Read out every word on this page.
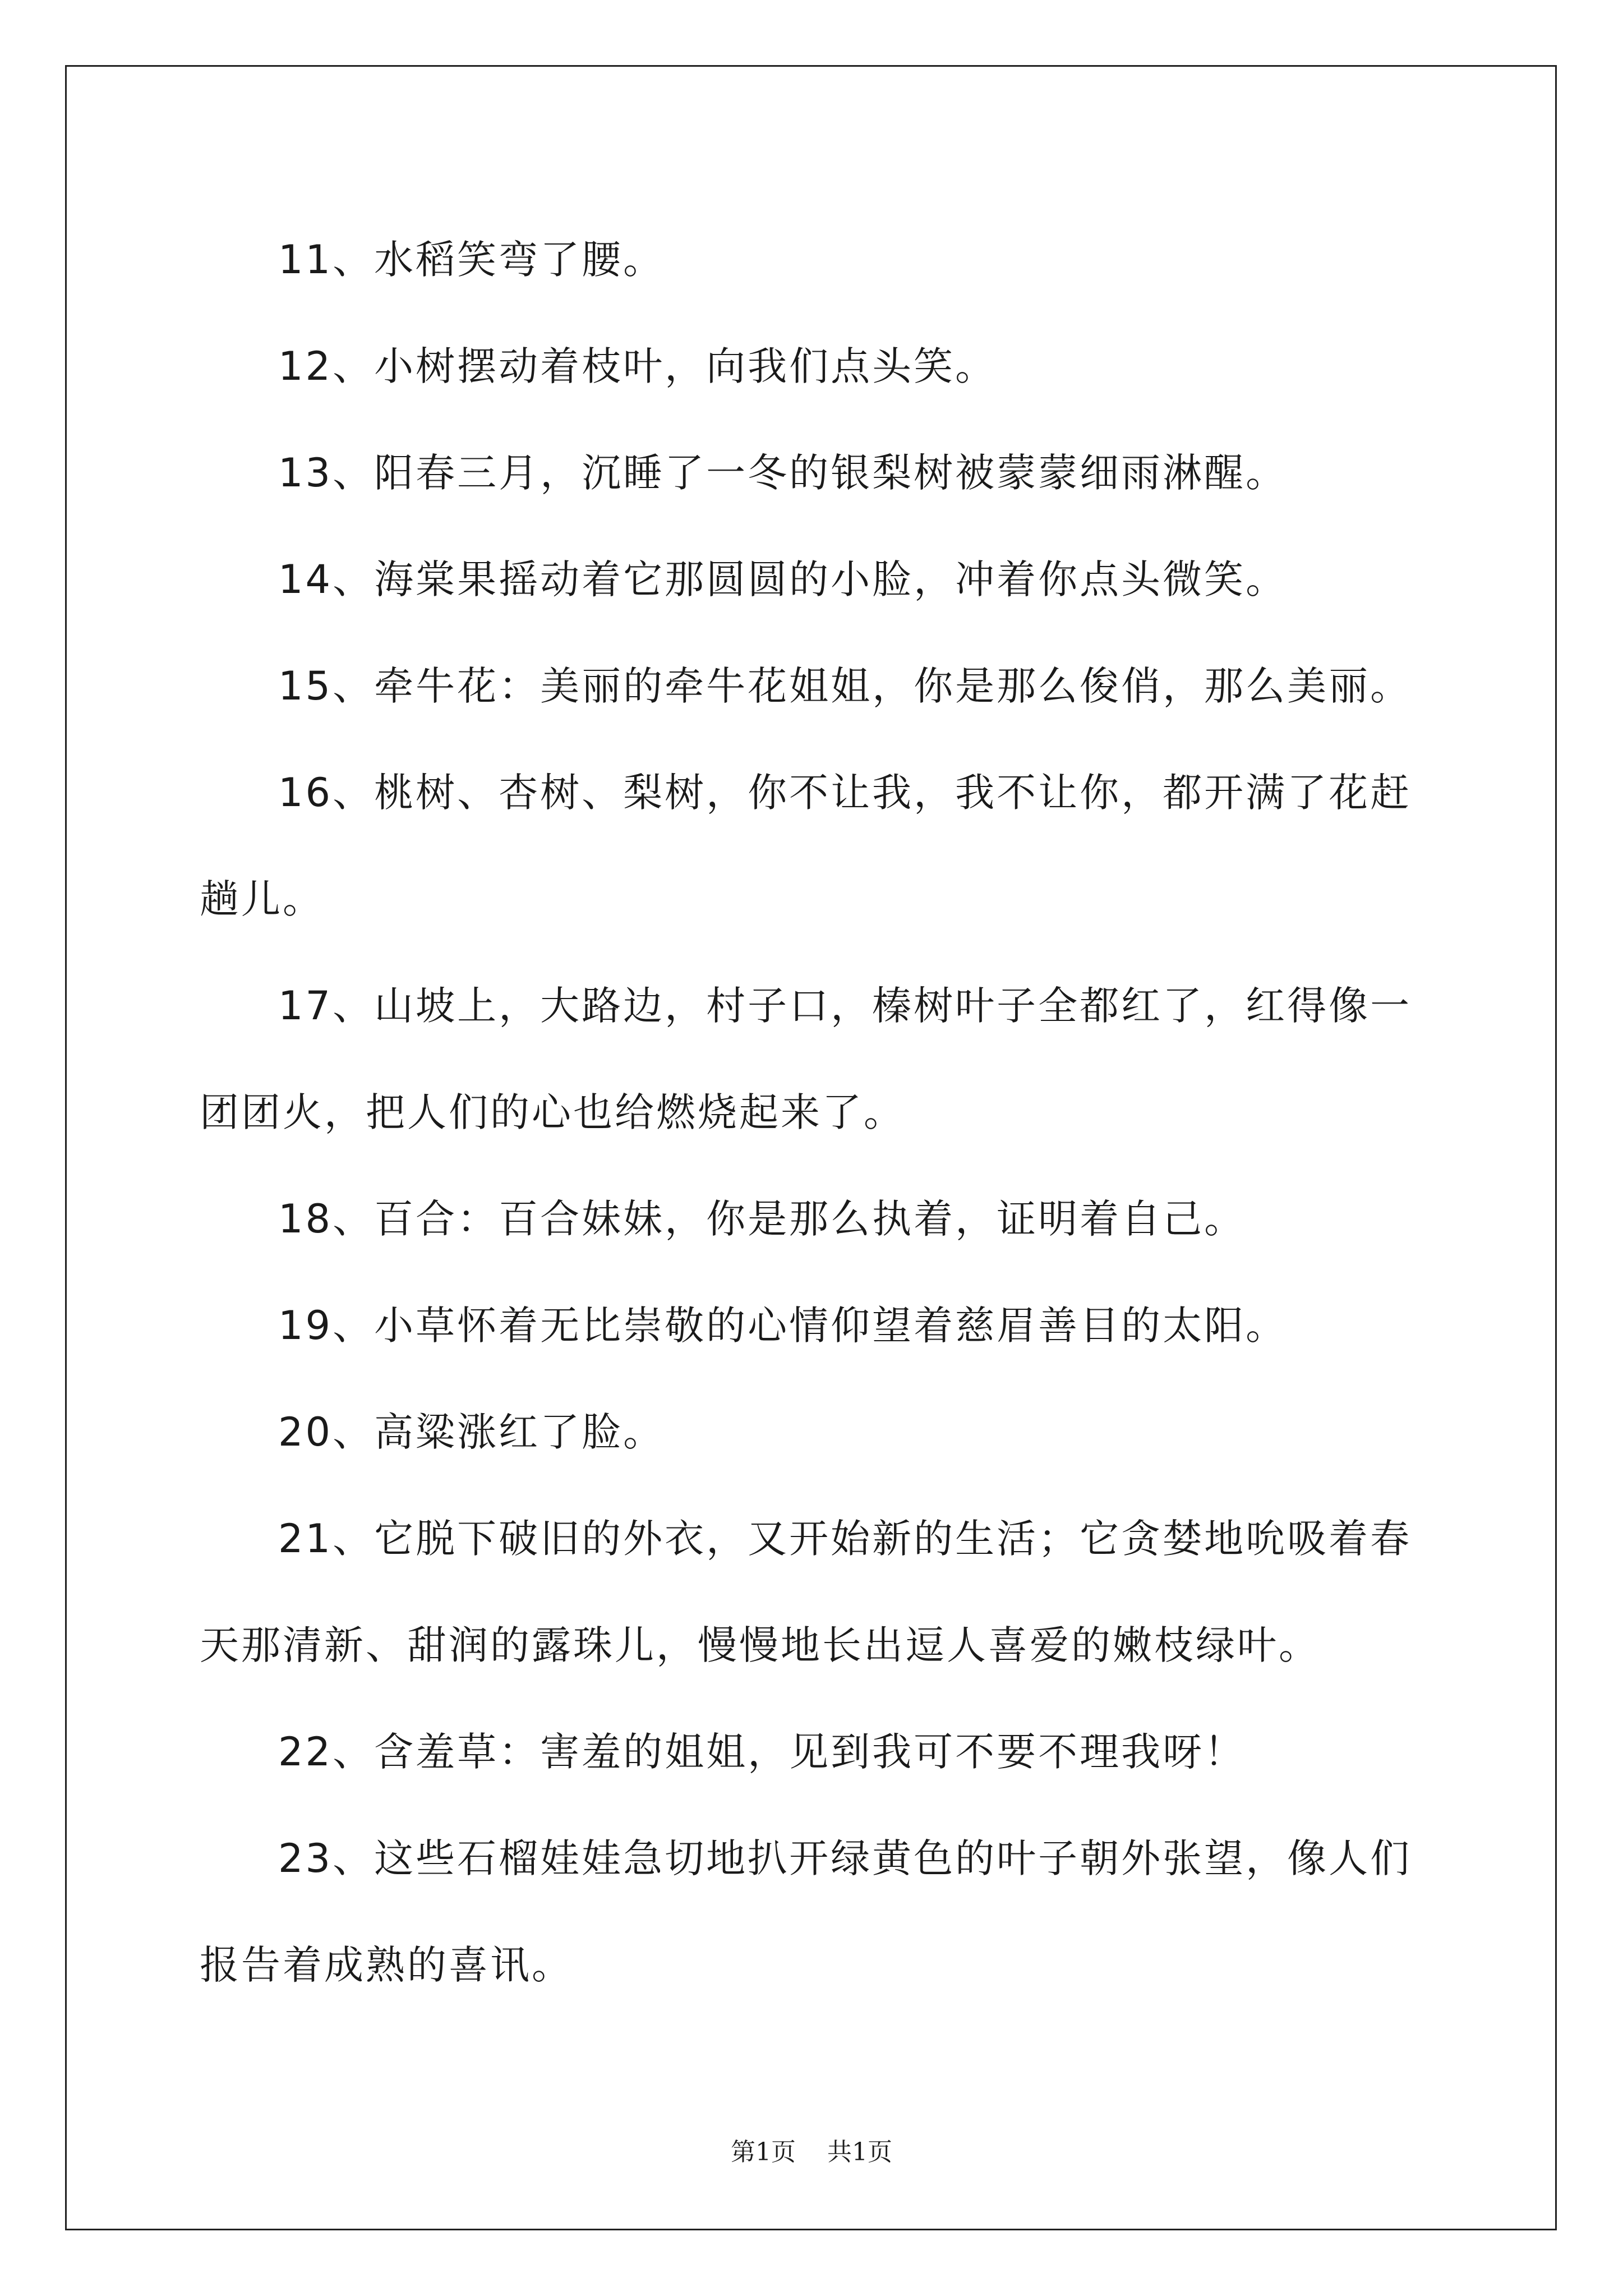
11、水稻笑弯了腰。

12、小树摆动着枝叶，向我们点头笑。

13、阳春三月，沉睡了一冬的银梨树被蒙蒙细雨淋醒。

14、海棠果摇动着它那圆圆的小脸，冲着你点头微笑。

15、牵牛花：美丽的牵牛花姐姐，你是那么俊俏，那么美丽。

16、桃树、杏树、梨树，你不让我，我不让你，都开满了花赶趟儿。

17、山坡上，大路边，村子口，榛树叶子全都红了，红得像一团团火，把人们的心也给燃烧起来了。

18、百合：百合妹妹，你是那么执着，证明着自己。

19、小草怀着无比崇敬的心情仰望着慈眉善目的太阳。

20、高粱涨红了脸。

21、它脱下破旧的外衣，又开始新的生活；它贪婪地吮吸着春天那清新、甜润的露珠儿，慢慢地长出逗人喜爱的嫩枝绿叶。

22、含羞草：害羞的姐姐，见到我可不要不理我呀！

23、这些石榴娃娃急切地扒开绿黄色的叶子朝外张望，像人们报告着成熟的喜讯。

第1页 共1页
